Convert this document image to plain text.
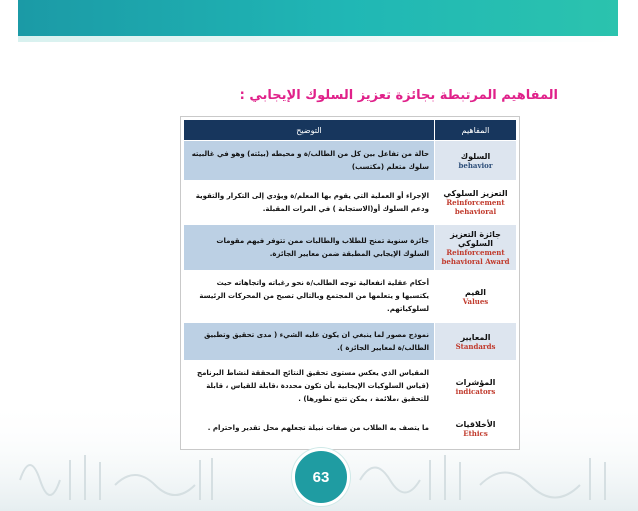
المفاهيم المرتبطة بجائزة تعزيز السلوك الإيجابي :
المفاهيم	التوضيح

السلوك
behavior	حالة من تفاعل بين كل من الطالب/ة و محيطه (بيئته) وهو في غالبيته سلوك متعلم (مكتسب)

التعزيز السلوكي
Reinforcement behavioral	الإجراء أو العملية التي يقوم بها المعلم/ة ويؤدي إلى التكرار والتقوية ودعم السلوك أو(الاستجابة ) في المرات المقبلة.

جائزة التعزيز السلوكي
Reinforcement behavioral Award	جائزة سنوية تمنح للطلاب والطالبات ممن تتوفر فيهم مقومات السلوك الإيجابي المطبقة ضمن معايير الجائزة.

القيم
Values	أحكام عقلية انفعالية توجه الطالب/ة نحو رغباته واتجاهاته حيث يكتسبها و يتعلمها من المجتمع وبالتالي تصبح من المحركات الرئيسة لسلوكياتهم.

المعايير
Standards	نموذج مصور لما ينبغي ان يكون عليه الشيء ( مدى تحقيق وتطبيق الطالب/ة لمعايير الجائزة ).

المؤشرات
indicators	المقياس الذي يعكس مستوى تحقيق النتائج المحققة لنشاط البرنامج (قياس السلوكيات الإيجابية بأن تكون محددة ،قابلة للقياس ، قابلة للتحقيق ،ملائمة ، يمكن تتبع تطورها) .

الأخلاقيات
Ethics	ما يتصف به الطلاب من صفات نبيلة تجعلهم محل تقدير واحترام .
63
